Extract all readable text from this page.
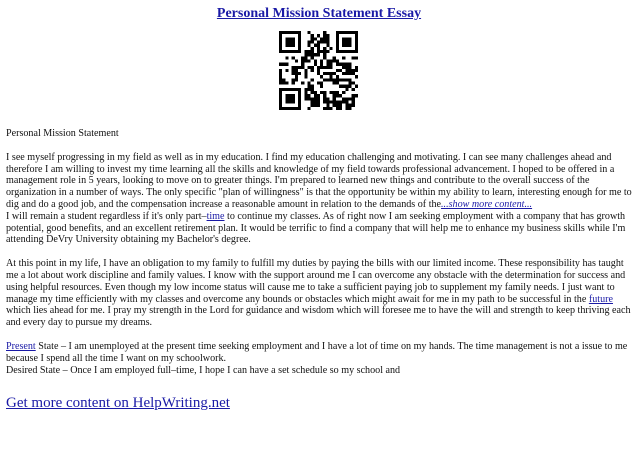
Personal Mission Statement Essay

Personal Mission Statement

I see myself progressing in my field as well as in my education. I find my education challenging and motivating. I can see many challenges ahead and therefore I am willing to invest my time learning all the skills and knowledge of my field towards professional advancement. I hoped to be offered in a management role in 5 years, looking to move on to greater things. I'm prepared to learned new things and contribute to the overall success of the organization in a number of ways. The only specific "plan of willingness" is that the opportunity be within my ability to learn, interesting enough for me to dig and do a good job, and the compensation increase a reasonable amount in relation to the demands of the...show more content...
I will remain a student regardless if it's only part–time to continue my classes. As of right now I am seeking employment with a company that has growth potential, good benefits, and an excellent retirement plan. It would be terrific to find a company that will help me to enhance my business skills while I'm attending DeVry University obtaining my Bachelor's degree.

At this point in my life, I have an obligation to my family to fulfill my duties by paying the bills with our limited income. These responsibility has taught me a lot about work discipline and family values. I know with the support around me I can overcome any obstacle with the determination for success and using helpful resources. Even though my low income status will cause me to take a sufficient paying job to supplement my family needs. I just want to manage my time efficiently with my classes and overcome any bounds or obstacles which might await for me in my path to be successful in the future which lies ahead for me. I pray my strength in the Lord for guidance and wisdom which will foresee me to have the will and strength to keep thriving each and every day to pursue my dreams.

Present State – I am unemployed at the present time seeking employment and I have a lot of time on my hands. The time management is not a issue to me because I spend all the time I want on my schoolwork.
Desired State – Once I am employed full–time, I hope I can have a set schedule so my school and

Get more content on HelpWriting.net
